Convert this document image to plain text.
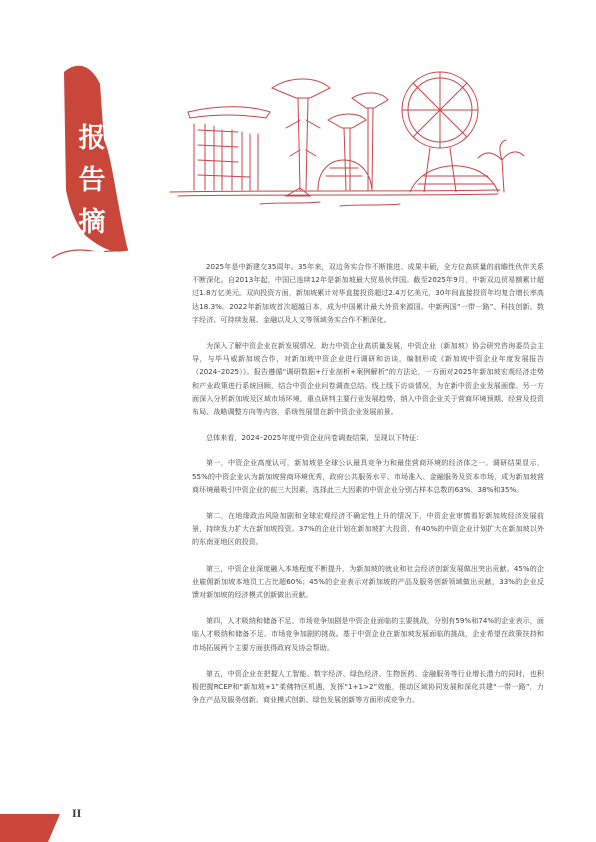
报
告
摘
要	2025年是中新建交35周年。35年来，双边务实合作不断推进、成果丰硕，全方位高质量的前瞻性伙伴关系不断深化。自2013年起，中国已连续12年是新加坡最大贸易伙伴国。截至2025年9月，中新双边贸易额累计超过1.8万亿美元。双向投资方面，新加坡累计对华直接投资超过2.4万亿美元，30年间直接投资年均复合增长率高达18.3%。2022年新加坡首次超越日本，成为中国累计最大外资来源国。中新两国“一带一路”、科技创新、数字经济、可持续发展、金融以及人文等领域务实合作不断深化。

为深入了解中资企业在新发展情况，助力中资企业高质量发展，中资企业（新加坡）协会研究咨询委员会主导，与毕马威新加坡合作，对新加坡中资企业进行调研和访谈，编制形成《新加坡中资企业年度发展报告（2024–2025）》。报告遵循“调研数据+行业剖析+案例解析”的方法论，一方面对2025年新加坡宏观经济走势和产业政策进行系统回顾，结合中资企业问卷调查总结、线上线下访谈情况，为在新中资企业发展画像。另一方面深入分析新加坡及区域市场环境，重点研判主要行业发展趋势，纳入中资企业关于营商环境预期、经营及投资布局、战略调整方向等内容，系统性展望在新中资企业发展前景。

总体来看，2024–2025年度中资企业问卷调查结果，呈现以下特征：

第一，中资企业高度认可，新加坡是全球公认最具竞争力和最佳营商环境的经济体之一。调研结果显示，55%的中资企业认为新加坡营商环境优秀，政府公共服务水平、市场准入、金融服务及资本市场，成为新加坡营商环境最吸引中资企业的前三大因素，选择此三大因素的中资企业分别占样本总数的63%、38%和35%。

第二，在地缘政治风险加剧和全球宏观经济不确定性上升的情况下，中资企业审慎看好新加坡经济发展前景，持续发力扩大在新加坡投资。37%的企业计划在新加坡扩大投资，有40%的中资企业计划扩大在新加坡以外的东南亚地区的投资。

第三，中资企业深度融入本地程度不断提升，为新加坡的就业和社会经济创新发展做出突出贡献。45%的企业雇佣新加坡本地员工占比超60%；45%的企业表示对新加坡的产品及服务创新领域做出贡献，33%的企业反馈对新加坡的经济模式创新做出贡献。

第四，人才吸纳和储备不足、市场竞争加剧是中资企业面临的主要挑战，分别有59%和74%的企业表示，面临人才吸纳和储备不足、市场竞争加剧的挑战。基于中资企业在新加坡发展面临的挑战，企业希望在政策扶持和市场拓展两个主要方面获得政府及协会帮助。

第五，中资企业在把握人工智能、数字经济、绿色经济、生物医药、金融服务等行业增长潜力的同时，也积极把握RCEP和“新加坡+1”柔佛特区机遇，发挥“1+1>2”效能，推动区域协同发展和深化共建“一带一路”，力争在产品及服务创新、商业模式创新、绿色发展创新等方面形成竞争力。

II
